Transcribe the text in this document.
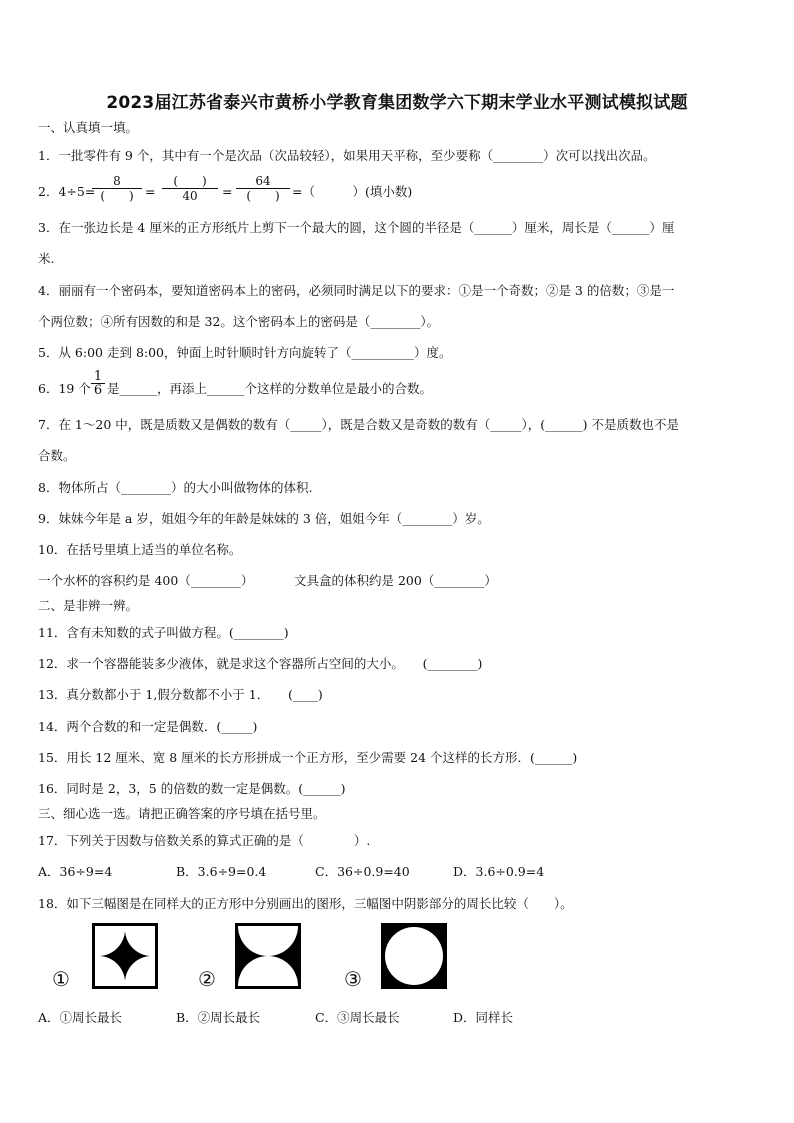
2023届江苏省泰兴市黄桥小学教育集团数学六下期末学业水平测试模拟试题
一、认真填一填。
1．一批零件有 9 个，其中有一个是次品（次品较轻），如果用天平称，至少要称（________）次可以找出次品。
2．4÷5=
8
(　　) =
(　　)
40	=
64
(　　) =（　　　）(填小数)
3．在一张边长是 4 厘米的正方形纸片上剪下一个最大的圆，这个圆的半径是（______）厘米，周长是（______）厘
米.
4．丽丽有一个密码本，要知道密码本上的密码，必须同时满足以下的要求：①是一个奇数；②是 3 的倍数；③是一
个两位数；④所有因数的和是 32。这个密码本上的密码是（________）。
5．从 6:00 走到 8:00，钟面上时针顺时针方向旋转了（__________）度。
6．19 个 $\frac{1}{6}$ 是______，再添上______个这样的分数单位是最小的合数。
7．在 1～20 中，既是质数又是偶数的数有（_____），既是合数又是奇数的数有（_____），(______) 不是质数也不是
合数。
8．物体所占（________）的大小叫做物体的体积.
9．妹妹今年是 a 岁，姐姐今年的年龄是妹妹的 3 倍，姐姐今年（________）岁。
10．在括号里填上适当的单位名称。
一个水杯的容积约是 400（________）	文具盒的体积约是 200（________）
二、是非辨一辨。
11．含有未知数的式子叫做方程。(________)
12．求一个容器能装多少液体，就是求这个容器所占空间的大小。　　(________)
13．真分数都小于 1,假分数都不小于 1．　　(____)
14．两个合数的和一定是偶数．(_____)
15．用长 12 厘米、宽 8 厘米的长方形拼成一个正方形，至少需要 24 个这样的长方形．(______)
16．同时是 2，3，5 的倍数的数一定是偶数。(______)
三、细心选一选。请把正确答案的序号填在括号里。
17．下列关于因数与倍数关系的算式正确的是（　　　　）.
A．36÷9=4	B．3.6÷9=0.4	C．36÷0.9=40	D．3.6÷0.9=4
18．如下三幅图是在同样大的正方形中分别画出的图形，三幅图中阴影部分的周长比较（　　）。
①	②	③
A．①周长最长	B．②周长最长	C．③周长最长	D．同样长
